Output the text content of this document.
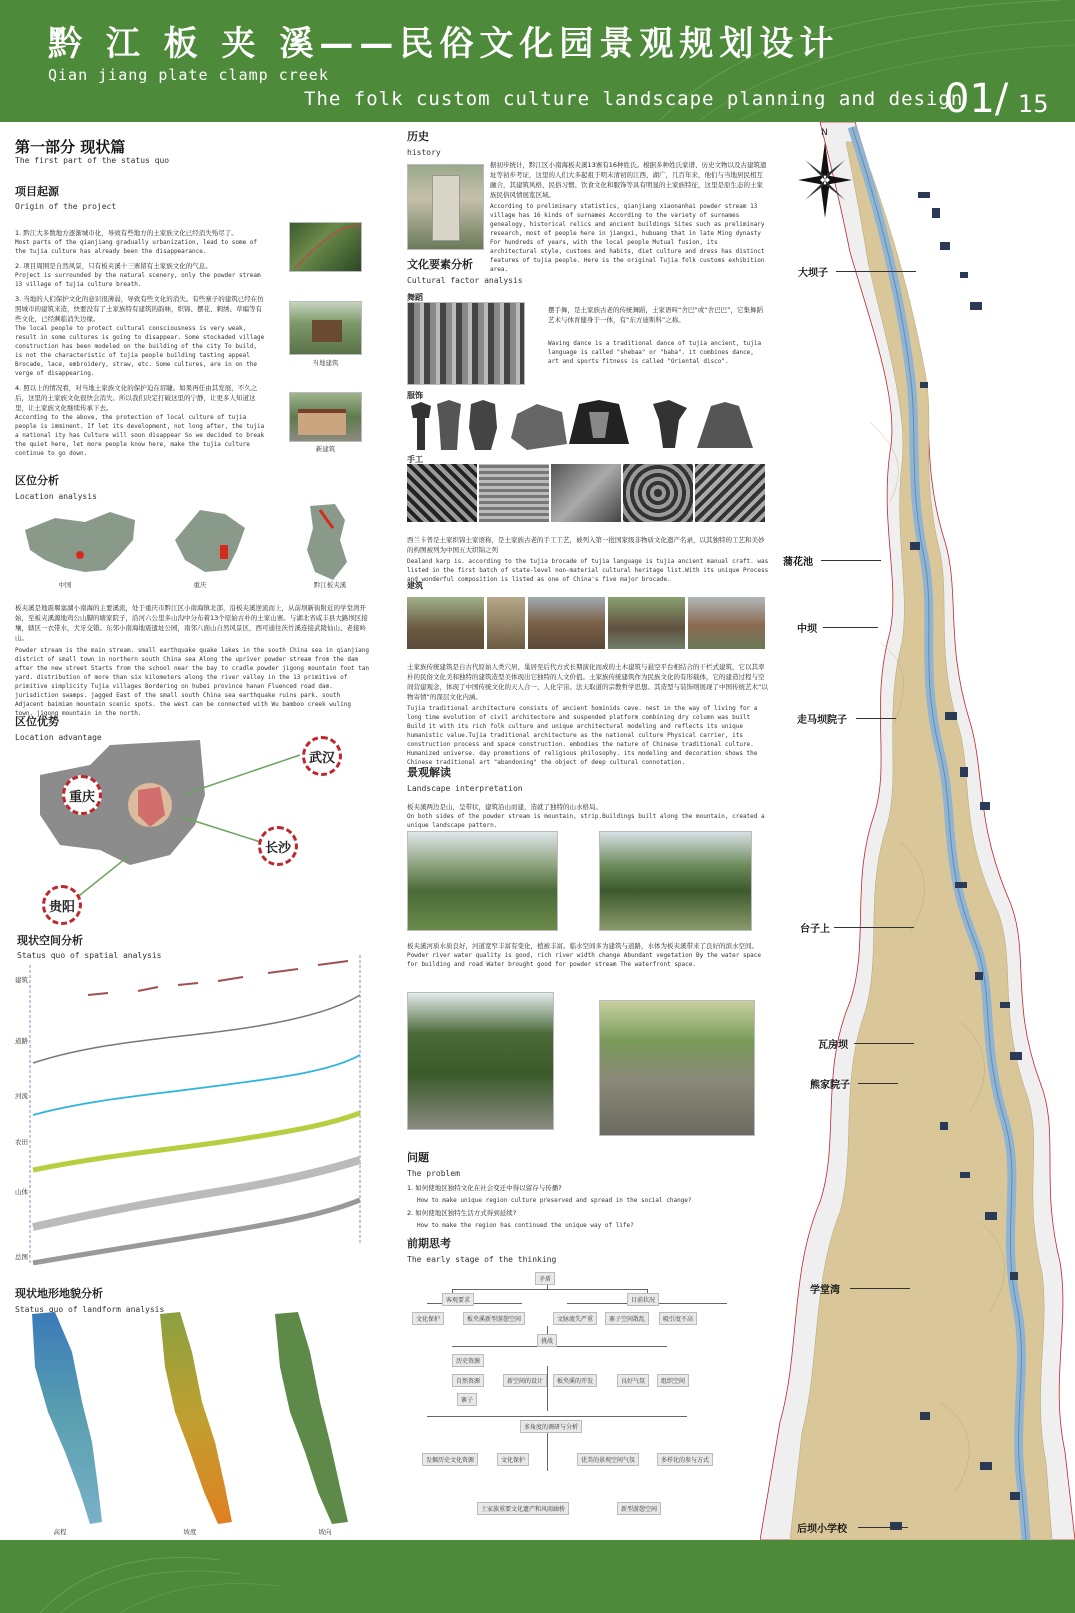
黔 江 板 夹 溪——民俗文化园景观规划设计
Qian jiang plate clamp creek
The folk custom culture landscape planning and design
01/ 15
第一部分 现状篇
The first part of the status quo
项目起源
Origin of the project
1. 黔江大多数地方逐渐城市化，导致有些地方的土家族文化已经消失殆尽了。
Most parts of the qianjiang gradually urbanization, lead to some of the tujia culture has already been the disappearance.
2. 项目周围是自然风景，只有板夹溪十三寨留有土家族文化的气息。
Project is surrounded by the natural scenery, only the powder stream 13 village of tujia culture breath.
3. 当地的人们保护文化的意识很薄弱，导致有些文化的消失。有些寨子的建筑已经在仿照城市的建筑来造，快要没有了土家族特有建筑的韵味，织锦、摆花、刺绣、草编等有些文化，已经濒临消失边缘。
The local people to protect cultural consciousness is very weak, result in some cultures is going to disappear. Some stockaded village construction has been modeled on the building of the city To build, is not the characteristic of tujia people building tasting appeal Brocade, lace, embroidery, straw, etc. Some cultures, are in on the verge of disappearing.
4. 照以上的情况看，对当地土家族文化的保护迫在眉睫。如果再任由其发展，不久之后，这里的土家族文化很快会消失。所以我们决定打破这里的宁静，让更多人知道这里，让土家族文化继续传承下去。
According to the above, the protection of local culture of tujia people is imminent. If let its development, not long after, the tujia a national ity has Culture will soon disappear So we decided to break the quiet here, let more people know here, make the tujia culture continue to go down.
当地建筑
新建筑
区位分析
Location analysis
中国	重庆	黔江板夹溪
板夹溪是地震堰塞湖小南海的主要溪流，处于重庆市黔江区小南海镇北部，沿板夹溪逆流而上，从前坝新街附近的学堂湾开始，至板夹溪源地鸡公山脚的塘家院子，沿河六公里多山沟中分布着13个原始古朴的土家山寨。与湖北省咸丰县大路坝区接壤，辖区一衣带水，犬牙交错。东邻小南海地震遗址公园，南邻八面山自然风景区，西可通往茨竹溪连接武陵仙山、老接岭山。
Powder stream is the main stream. small earthquake quake lakes in the south China sea in qianjiang district of small town in northern south China sea Along the upriver powder stream from the dam after the new street Starts from the school near the bay to cradle powder jigong mountain foot tan yard. distribution of more than six kilometers along the river valley in the 13 primitive of primitive simplicity Tujia villages Bordering on hubei province hanan Fluenced road dam. jurisdiction swamps. jagged East of the small south China sea earthquake ruins park. south Adjacent baimian mountain scenic spots. the west can be connected with Wu bamboo creek wuling town. jigong mountain in the north.
区位优势
Location advantage
重庆
武汉
长沙
贵阳
现状空间分析
Status quo of spatial analysis
建筑
道路
河流
农田
山体
总图
现状地形地貌分析
Status quo of landform analysis
高程	坡度	坡向
历史
history
据初步统计，黔江区小南海板夹溪13寨有16种姓氏。根据多种姓氏家谱、历史文物以及古建筑遗址等初步考证，这里的人们大多起祖于明末清初的江西、湖广，几百年来，他们与当地居民相互融合，其建筑风格、民俗习惯、饮食文化和服饰等具有明显的土家族特征，这里是原生态的土家族民俗风情展览区域。
According to preliminary statistics, qianjiang xiaonanhai powder stream 13 village has 16 kinds of surnames According to the variety of surnames genealogy, historical relics and ancient buildings Sites such as preliminary research, most of people here in jiangxi, hubuang that in late Ming dynasty For hundreds of years, with the local people Mutual fusion, its architectural style, customs and habits, diet culture and dress has distinct features of tujia people. Here is the original Tujia folk customs exhibition area.
文化要素分析
Cultural factor analysis
舞蹈
摆手舞，是土家族古老的传统舞蹈，土家语叫“舍巴”或“舍巴巴”，它集舞蹈艺术与体育健身于一体，有“东方迪斯科”之称。
Waving dance is a traditional dance of tujia ancient, tujia language is called "shebaa" or "baba". it combines dance, art and sports fitness is called "Oriental disco".
服饰
手工
西兰卡普是土家织锦土家语称，是土家族古老的手工工艺，被列入第一批国家级非物质文化遗产名录，以其独特的工艺和美妙的构图被列为中国五大织锦之列
Dealand karp is. according to the tujia brocade of tujia language is tujia ancient manual craft. was listed in the first batch of state-level non-material cultural heritage list.With its unique Process and wonderful composition is listed as one of China's five major brocade.
建筑
土家族传统建筑是自古代原始人类穴居、巢居至后代方式长期演化而成的土木建筑与悬空平台相结合的干栏式建筑，它以其率朴的民俗文化美和独特的建筑造型美体现出它独特的人文价值。土家族传统建筑作为民族文化的有形载体，它的建造过程与空间营建观念，体现了中国传统文化的天人合一、人化宇宙。法天取道的宗教哲学思想。其造型与装饰则展现了中国传统艺术“以物寄情”的深层文化内涵。
Tujia traditional architecture consists of ancient hominids cave. nest in the way of living for a long time evolution of civil architecture and suspended platform combining dry column was built Build it with its rich folk culture and unique architectural modeling and reflects its unique humanistic value.Tujia traditional architecture as the national culture Physical carrier, its construction process and space construction. embodies the nature of Chinese traditional culture. Humanized universe. day promotions of religious philosophy. its modeling and decoration shows the Chinese traditional art "abandoning" the object of deep cultural connotation.
景观解读
Landscape interpretation
板夹溪两边是山，呈带状，建筑沿山而建，造就了独特的山水格局。
On both sides of the powder stream is mountain, strip.Buildings built along the mountain, created a unique landscape pattern.
板夹溪河质水质良好，河道宽窄丰富有变化，植被丰富。临水空间多为建筑与道路，水体为板夹溪带来了良好的滨水空间。
Powder river water quality is good, rich river width change Abundant vegetation By the water space for building and road Water brought good for powder stream The waterfront space.
问题
The problem
1. 如何使地区独特文化在社会变迁中得以留存与传播?
How to make unique region culture preserved and spread in the social change?
2. 如何使地区独特生活方式得到延续?
How to make the region has continued the unique way of life?
前期思考
The early stage of the thinking
矛盾
客观要求	目前状况
文化保护	板夹溪新型游憩空间	文脉流失严重	寨子空间散乱	吸引度不高
挑战
历史资源
自然资源
寨子
新空间的设计	板夹溪的开发	良好气氛	组织空间
多角度的调研与分析
发掘历史文化资源	文化保护	优美的景观空间气氛	多样化的参与方式
土家族重要文化遗产和风雨廊桥	新型游憩空间
N
大坝子
蒲花池
中坝
走马坝院子
台子上
瓦房坝
熊家院子
学堂湾
后坝小学校
